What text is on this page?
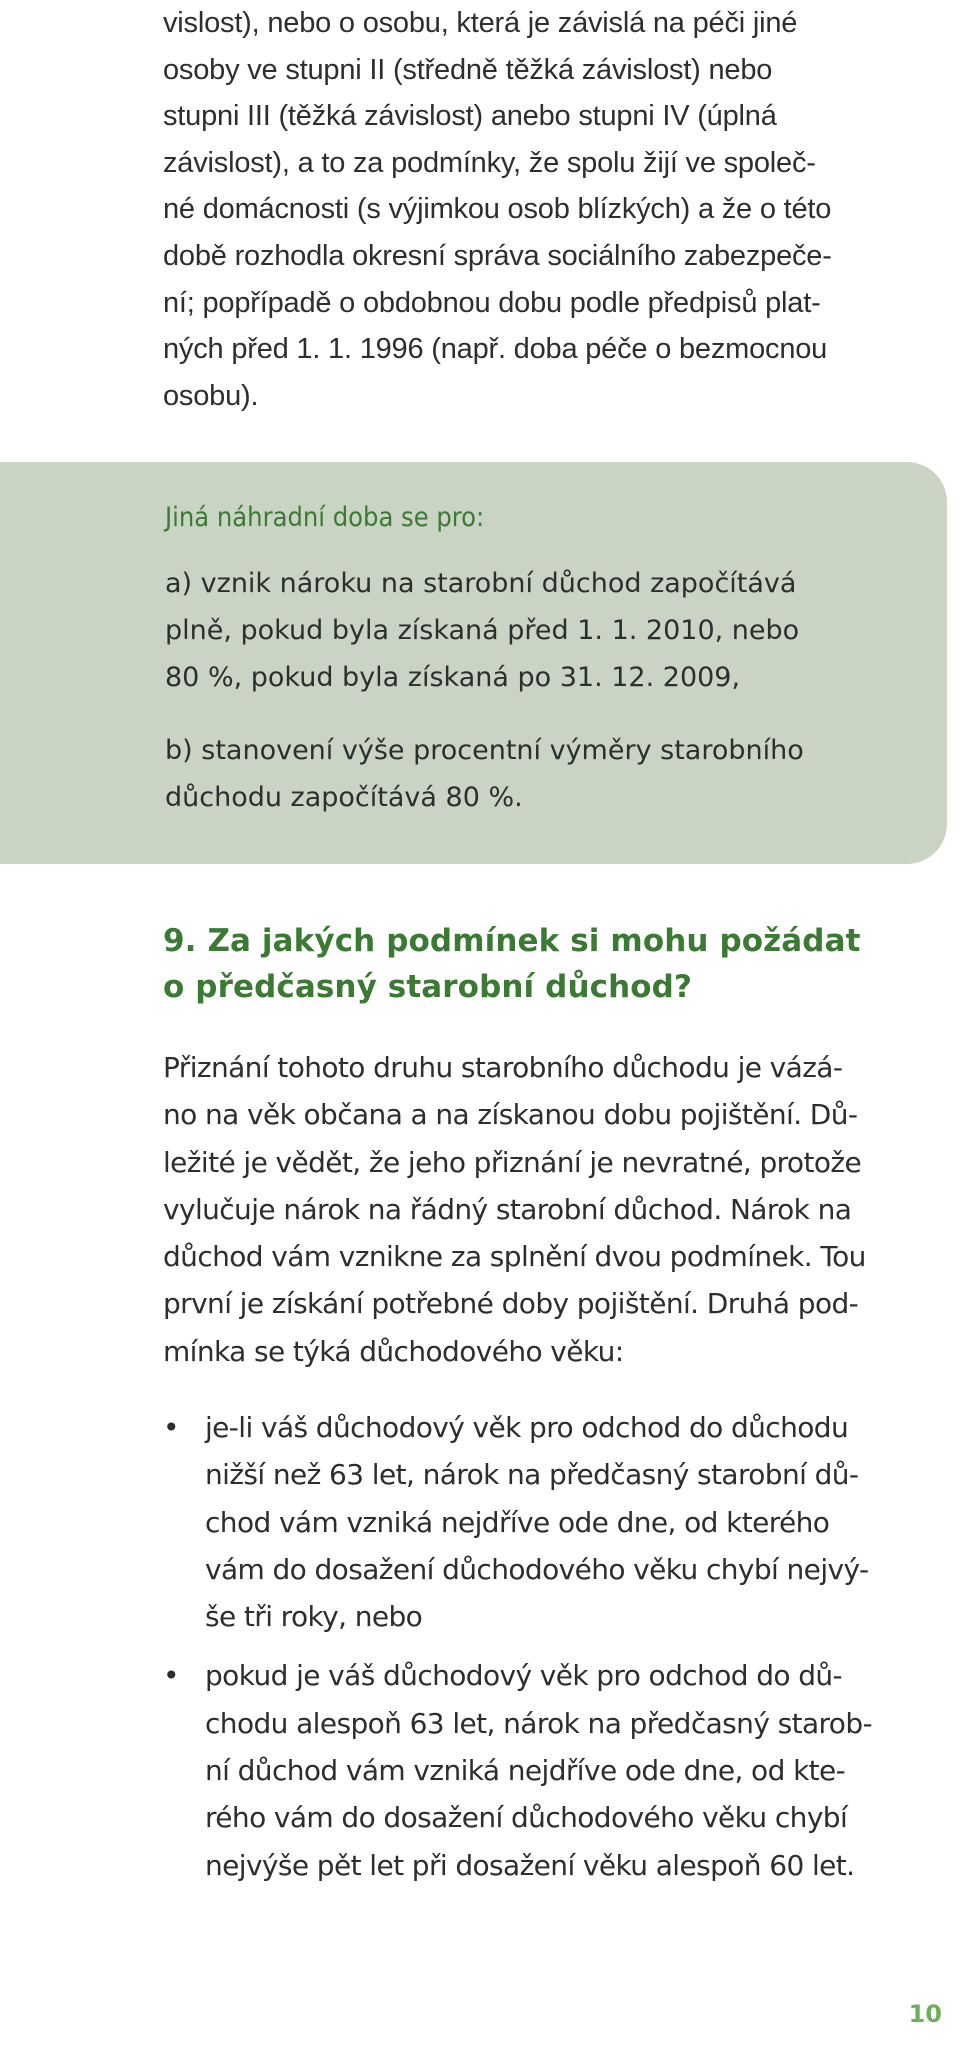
vislost), nebo o osobu, která je závislá na péči jiné
osoby ve stupni II (středně těžká závislost) nebo
stupni III (těžká závislost) anebo stupni IV (úplná
závislost), a to za podmínky, že spolu žijí ve společ-
né domácnosti (s výjimkou osob blízkých) a že o této
době rozhodla okresní správa sociálního zabezpeče-
ní; popřípadě o obdobnou dobu podle předpisů plat-
ných před 1. 1. 1996 (např. doba péče o bezmocnou
osobu).

Jiná náhradní doba se pro:

a) vznik nároku na starobní důchod započítává
plně, pokud byla získaná před 1. 1. 2010, nebo
80 %, pokud byla získaná po 31. 12. 2009,

b) stanovení výše procentní výměry starobního
důchodu započítává 80 %.

9. Za jakých podmínek si mohu požádat
o předčasný starobní důchod?

Přiznání tohoto druhu starobního důchodu je vázá-
no na věk občana a na získanou dobu pojištění. Dů-
ležité je vědět, že jeho přiznání je nevratné, protože
vylučuje nárok na řádný starobní důchod. Nárok na
důchod vám vznikne za splnění dvou podmínek. Tou
první je získání potřebné doby pojištění. Druhá pod-
mínka se týká důchodového věku:

• je-li váš důchodový věk pro odchod do důchodu
nižší než 63 let, nárok na předčasný starobní dů-
chod vám vzniká nejdříve ode dne, od kterého
vám do dosažení důchodového věku chybí nejvý-
še tři roky, nebo
• pokud je váš důchodový věk pro odchod do dů-
chodu alespoň 63 let, nárok na předčasný starob-
ní důchod vám vzniká nejdříve ode dne, od kte-
rého vám do dosažení důchodového věku chybí
nejvýše pět let při dosažení věku alespoň 60 let.
10
